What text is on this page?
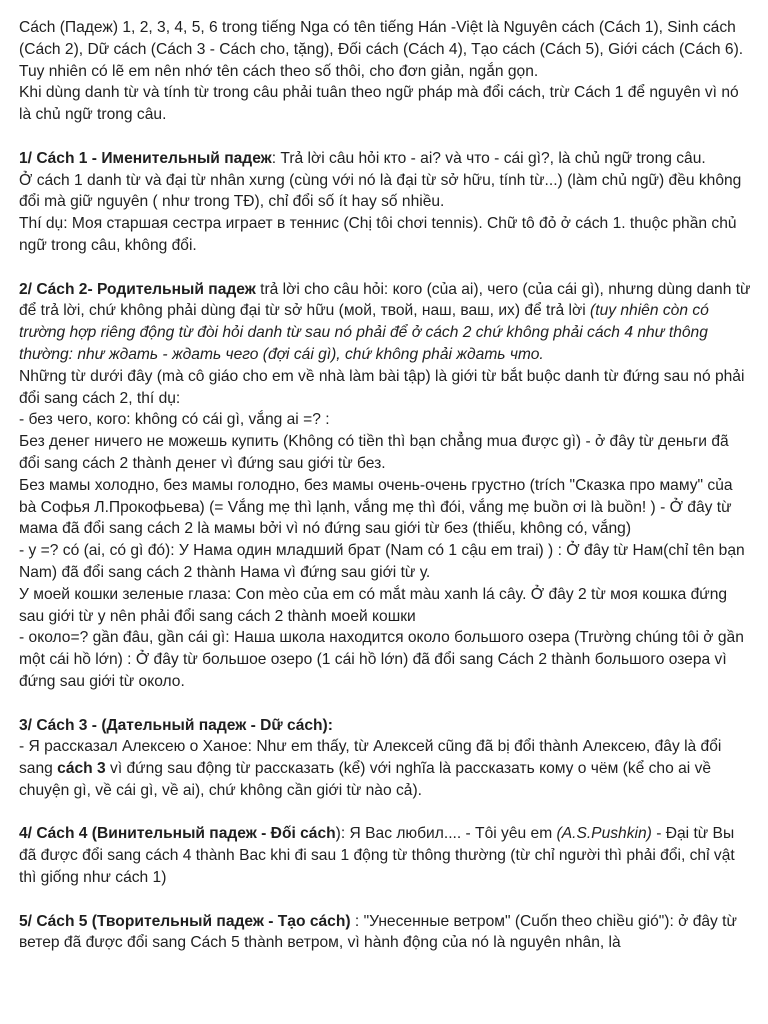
Cách (Падеж) 1, 2, 3, 4, 5, 6 trong tiếng Nga có tên tiếng Hán -Việt là Nguyên cách (Cách 1), Sinh cách (Cách 2), Dữ cách (Cách 3 - Cách cho, tặng), Đối cách (Cách 4), Tạo cách (Cách 5), Giới cách (Cách 6). Tuy nhiên có lẽ em nên nhớ tên cách theo số thôi, cho đơn giản, ngắn gọn.

Khi dùng danh từ và tính từ trong câu phải tuân theo ngữ pháp mà đổi cách, trừ Cách 1 để nguyên vì nó là chủ ngữ trong câu.

1/ Cách 1 - Именительный падеж: Trả lời câu hỏi кто - ai? và что - cái gì?, là chủ ngữ trong câu.

Ở cách 1 danh từ và đại từ nhân xưng (cùng với nó là đại từ sở hữu, tính từ...) (làm chủ ngữ) đều không đổi mà giữ nguyên ( như trong TĐ), chỉ đổi số ít hay số nhiều.

Thí dụ: Моя старшая сестра играет в теннис (Chị tôi chơi tennis). Chữ tô đỏ ở cách 1. thuộc phần chủ ngữ trong câu, không đổi.

2/ Cách 2- Родительный падеж trả lời cho câu hỏi: кого (của ai), чего (của cái gì), nhưng dùng danh từ để trả lời, chứ không phải dùng đại từ sở hữu (мой, твой, наш, ваш, их) để trả lời (tuy nhiên còn có trường hợp riêng động từ đòi hỏi danh từ sau nó phải để ở cách 2 chứ không phải cách 4 như thông thường: như ждать - ждать чего (đợi cái gì), chứ không phải ждать что.

Những từ dưới đây (mà cô giáo cho em về nhà làm bài tập) là giới từ bắt buộc danh từ đứng sau nó phải đổi sang cách 2, thí dụ:

- без чего, кого: không có cái gì, vắng ai =? :

Без денег ничего не можешь купить (Không có tiền thì bạn chẳng mua được gì) - ở đây từ деньги đã đổi sang cách 2 thành денег vì đứng sau giới từ без.

Без мамы холодно, без мамы голодно, без мамы очень-очень грустно (trích "Сказка про маму" của bà Софья Л.Прокофьева) (= Vắng mẹ thì lạnh, vắng mẹ thì đói, vắng mẹ buồn ơi là buồn! ) - Ở đây từ мама đã đổi sang cách 2 là мамы bởi vì nó đứng sau giới từ без (thiếu, không có, vắng)

- у =? có (ai, có gì đó): У Нама один младший брат (Nam có 1 cậu em trai) ) : Ở đây từ Нам(chỉ tên bạn Nam) đã đổi sang cách 2 thành Нама vì đứng sau giới từ у.

У моей кошки зеленые глаза: Con mèo của em có mắt màu xanh lá cây. Ở đây 2 từ моя кошка đứng sau giới từ у nên phải đổi sang cách 2 thành моей кошки

- около=? gần đâu, gần cái gì: Наша школа находится около большого озера (Trường chúng tôi ở gần một cái hồ lớn) : Ở đây từ большое озеро (1 cái hồ lớn) đã đổi sang Cách 2 thành большого озера vì đứng sau giới từ около.

3/ Cách 3 - (Дательный падеж - Dữ cách):

- Я рассказал Алексею о Ханое: Như em thấy, từ Алексей cũng đã bị đổi thành Алексею, đây là đổi sang cách 3 vì đứng sau động từ рассказать (kể) với nghĩa là рассказать кому о чём (kể cho ai về chuyện gì, về cái gì, về ai), chứ không cần giới từ nào cả).

4/ Cách 4 (Винительный падеж - Đối cách): Я Вас любил.... - Tôi yêu em (A.S.Pushkin) - Đại từ Вы đã được đổi sang cách 4 thành Вас khi đi sau 1 động từ thông thường (từ chỉ người thì phải đổi, chỉ vật thì giống như cách 1)

5/ Cách 5 (Творительный падеж - Tạo cách) : "Унесенные ветром" (Cuốn theo chiều gió"): ở đây từ ветер đã được đổi sang Cách 5 thành ветром, vì hành động của nó là nguyên nhân, là
